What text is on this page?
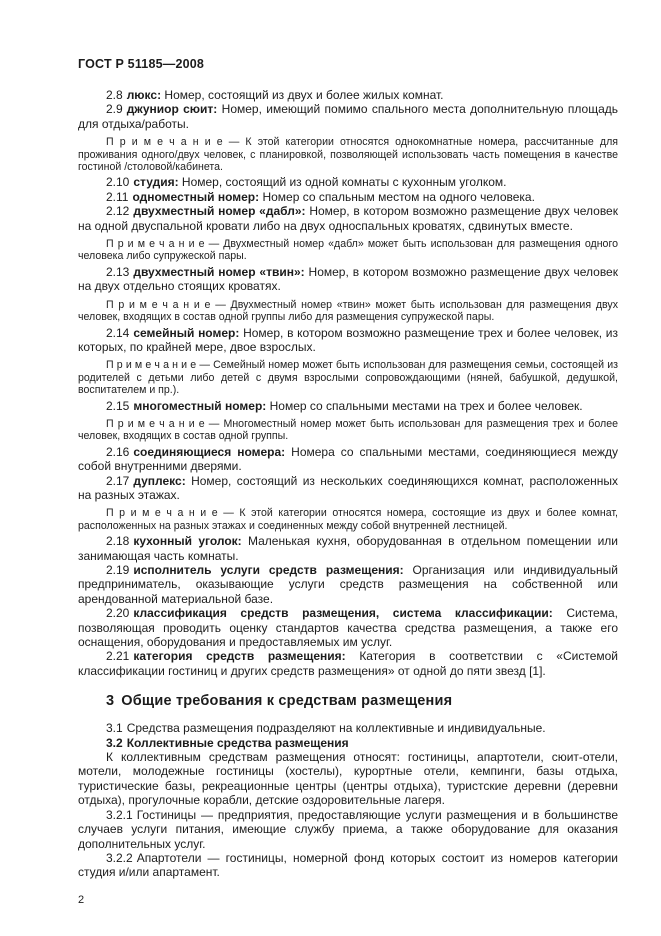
ГОСТ Р 51185—2008

2.8 люкс: Номер, состоящий из двух и более жилых комнат.

2.9 джуниор сюит: Номер, имеющий помимо спального места дополнительную площадь для отдыха/работы.

П р и м е ч а н и е — К этой категории относятся однокомнатные номера, рассчитанные для проживания одного/двух человек, с планировкой, позволяющей использовать часть помещения в качестве гостиной /столовой/кабинета.

2.10 студия: Номер, состоящий из одной комнаты с кухонным уголком.

2.11 одноместный номер: Номер со спальным местом на одного человека.

2.12 двухместный номер «дабл»: Номер, в котором возможно размещение двух человек на одной двуспальной кровати либо на двух односпальных кроватях, сдвинутых вместе.

П р и м е ч а н и е — Двухместный номер «дабл» может быть использован для размещения одного человека либо супружеской пары.

2.13 двухместный номер «твин»: Номер, в котором возможно размещение двух человек на двух отдельно стоящих кроватях.

П р и м е ч а н и е — Двухместный номер «твин» может быть использован для размещения двух человек, входящих в состав одной группы либо для размещения супружеской пары.

2.14 семейный номер: Номер, в котором возможно размещение трех и более человек, из которых, по крайней мере, двое взрослых.

П р и м е ч а н и е — Семейный номер может быть использован для размещения семьи, состоящей из родителей с детьми либо детей с двумя взрослыми сопровождающими (няней, бабушкой, дедушкой, воспитателем и пр.).

2.15 многоместный номер: Номер со спальными местами на трех и более человек.

П р и м е ч а н и е — Многоместный номер может быть использован для размещения трех и более человек, входящих в состав одной группы.

2.16 соединяющиеся номера: Номера со спальными местами, соединяющиеся между собой внутренними дверями.

2.17 дуплекс: Номер, состоящий из нескольких соединяющихся комнат, расположенных на разных этажах.

П р и м е ч а н и е — К этой категории относятся номера, состоящие из двух и более комнат, расположенных на разных этажах и соединенных между собой внутренней лестницей.

2.18 кухонный уголок: Маленькая кухня, оборудованная в отдельном помещении или занимающая часть комнаты.

2.19 исполнитель услуги средств размещения: Организация или индивидуальный предприниматель, оказывающие услуги средств размещения на собственной или арендованной материальной базе.

2.20 классификация средств размещения, система классификации: Система, позволяющая проводить оценку стандартов качества средства размещения, а также его оснащения, оборудования и предоставляемых им услуг.

2.21 категория средств размещения: Категория в соответствии с «Системой классификации гостиниц и других средств размещения» от одной до пяти звезд [1].

3 Общие требования к средствам размещения

3.1 Средства размещения подразделяют на коллективные и индивидуальные.

3.2 Коллективные средства размещения

К коллективным средствам размещения относят: гостиницы, апартотели, сюит-отели, мотели, молодежные гостиницы (хостелы), курортные отели, кемпинги, базы отдыха, туристические базы, рекреационные центры (центры отдыха), туристские деревни (деревни отдыха), прогулочные корабли, детские оздоровительные лагеря.

3.2.1 Гостиницы — предприятия, предоставляющие услуги размещения и в большинстве случаев услуги питания, имеющие службу приема, а также оборудование для оказания дополнительных услуг.

3.2.2 Апартотели — гостиницы, номерной фонд которых состоит из номеров категории студия и/или апартамент.

2
